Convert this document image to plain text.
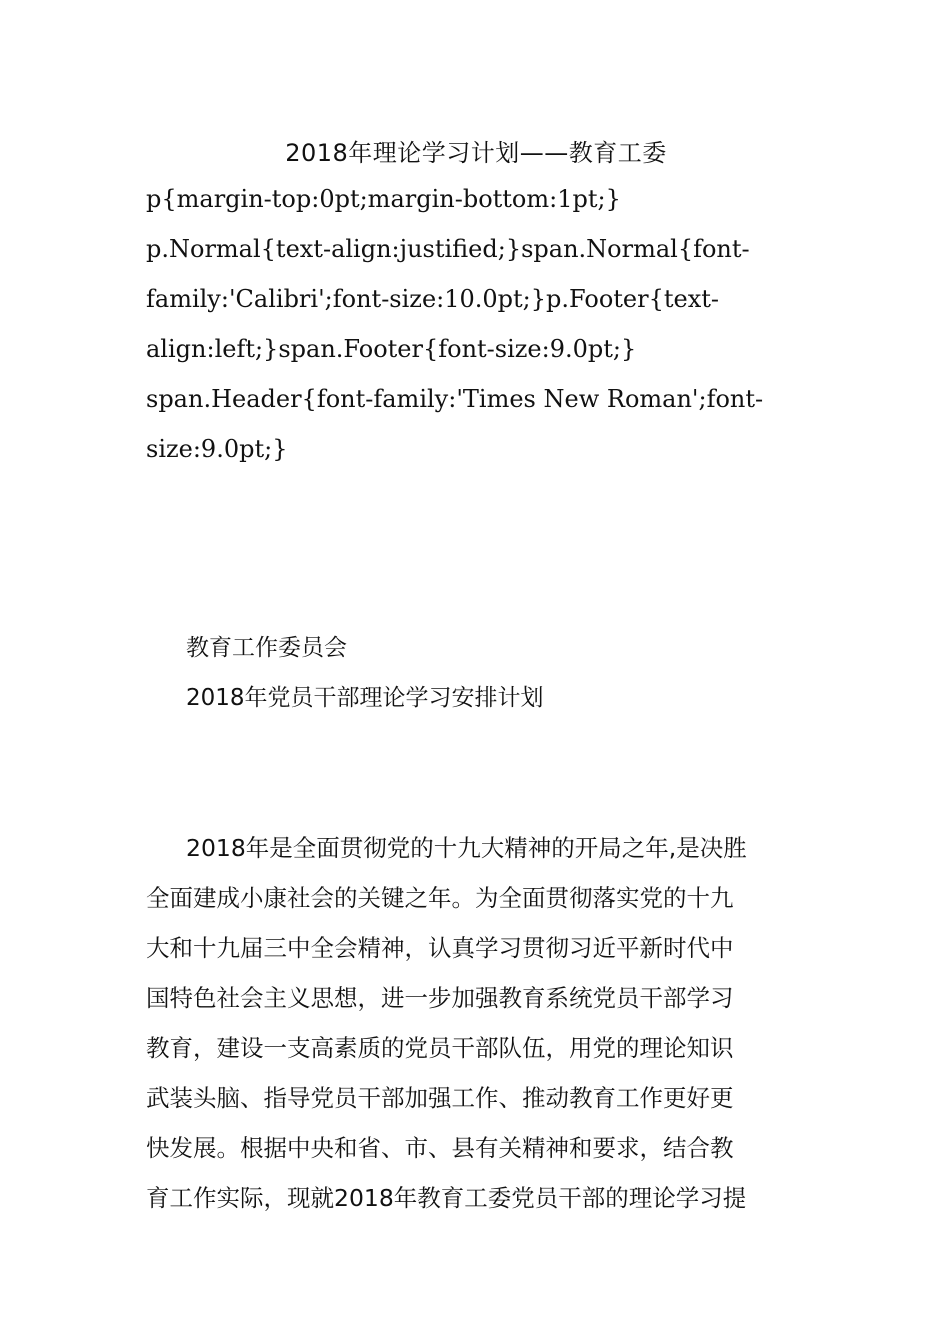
2018年理论学习计划——教育工委
p{margin-top:0pt;margin-bottom:1pt;}
p.Normal{text-align:justified;}span.Normal{font-
family:'Calibri';font-size:10.0pt;}p.Footer{text-
align:left;}span.Footer{font-size:9.0pt;}
span.Header{font-family:'Times New Roman';font-
size:9.0pt;}
教育工作委员会
2018年党员干部理论学习安排计划
2018年是全面贯彻党的十九大精神的开局之年,是决胜
全面建成小康社会的关键之年。为全面贯彻落实党的十九
大和十九届三中全会精神，认真学习贯彻习近平新时代中
国特色社会主义思想，进一步加强教育系统党员干部学习
教育，建设一支高素质的党员干部队伍，用党的理论知识
武装头脑、指导党员干部加强工作、推动教育工作更好更
快发展。根据中央和省、市、县有关精神和要求，结合教
育工作实际，现就2018年教育工委党员干部的理论学习提
